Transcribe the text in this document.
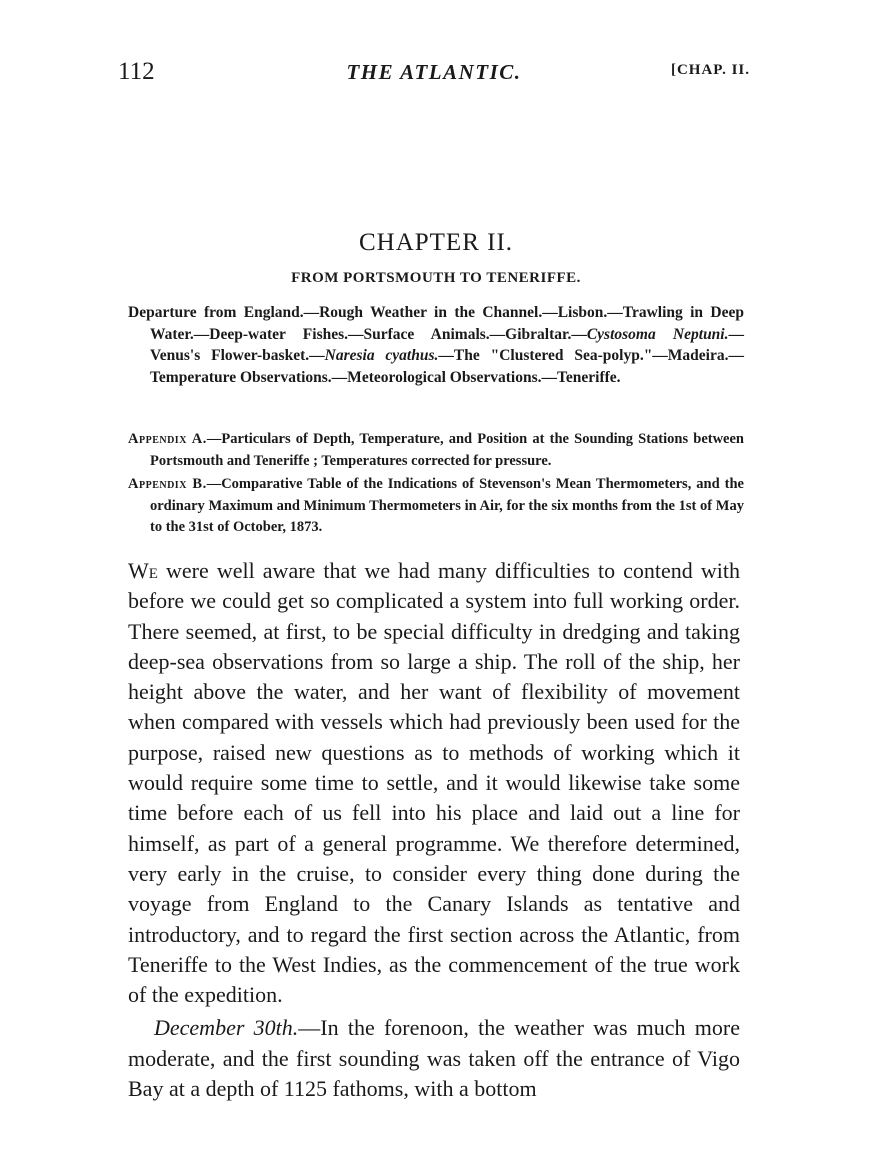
112	THE ATLANTIC.	[CHAP. II.
CHAPTER II.
FROM PORTSMOUTH TO TENERIFFE.

Departure from England.—Rough Weather in the Channel.—Lisbon.—Trawling in Deep Water.—Deep-water Fishes.—Surface Animals.—Gibraltar.—Cystosoma Neptuni.—Venus's Flower-basket.—Naresia cyathus.—The "Clustered Sea-polyp."—Madeira.—Temperature Observations.—Meteorological Observations.—Teneriffe.

Appendix A.—Particulars of Depth, Temperature, and Position at the Sounding Stations between Portsmouth and Teneriffe ; Temperatures corrected for pressure.

Appendix B.—Comparative Table of the Indications of Stevenson's Mean Thermometers, and the ordinary Maximum and Minimum Thermometers in Air, for the six months from the 1st of May to the 31st of October, 1873.

We were well aware that we had many difficulties to contend with before we could get so complicated a system into full working order. There seemed, at first, to be special difficulty in dredging and taking deep-sea observations from so large a ship. The roll of the ship, her height above the water, and her want of flexibility of movement when compared with vessels which had previously been used for the purpose, raised new questions as to methods of working which it would require some time to settle, and it would likewise take some time before each of us fell into his place and laid out a line for himself, as part of a general programme. We therefore determined, very early in the cruise, to consider every thing done during the voyage from England to the Canary Islands as tentative and introductory, and to regard the first section across the Atlantic, from Teneriffe to the West Indies, as the commencement of the true work of the expedition.

December 30th.—In the forenoon, the weather was much more moderate, and the first sounding was taken off the entrance of Vigo Bay at a depth of 1125 fathoms, with a bottom
